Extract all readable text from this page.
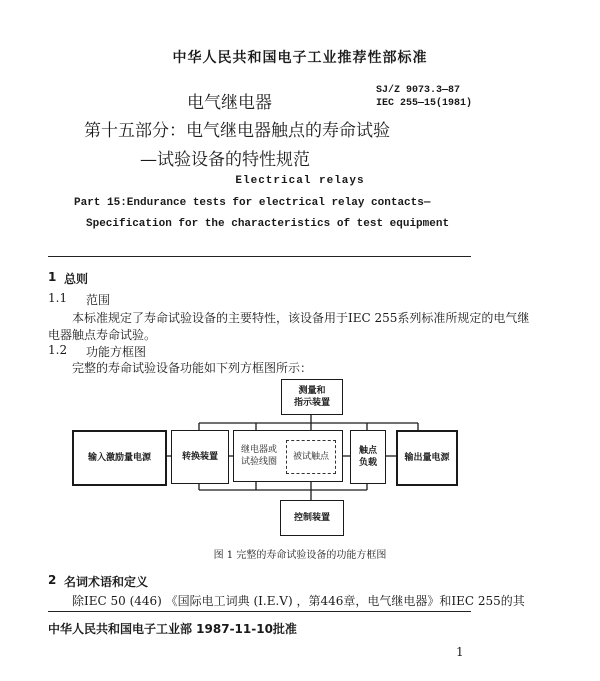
中华人民共和国电子工业推荐性部标准
电气继电器
SJ/Z 9073.3—87
IEC 255—15(1981)
第十五部分：电气继电器触点的寿命试验
—试验设备的特性规范
Electrical relays
Part 15:Endurance tests for electrical relay contacts—
Specification for the characteristics of test equipment
1 总则
1.1 范围
本标准规定了寿命试验设备的主要特性，该设备用于IEC 255系列标准所规定的电气继
电器触点寿命试验。
1.2 功能方框图
完整的寿命试验设备功能如下列方框图所示：
测量和
指示装置
输入激励量电源	转换装置
继电器或
试验线圈
被试触点
触点
负载
输出量电源
控制装置
图 1 完整的寿命试验设备的功能方框图
2 名词术语和定义
除IEC 50 (446) 《国际电工词典 (I.E.V) ，第446章，电气继电器》和IEC 255的其
中华人民共和国电子工业部 1987-11-10批准
1
